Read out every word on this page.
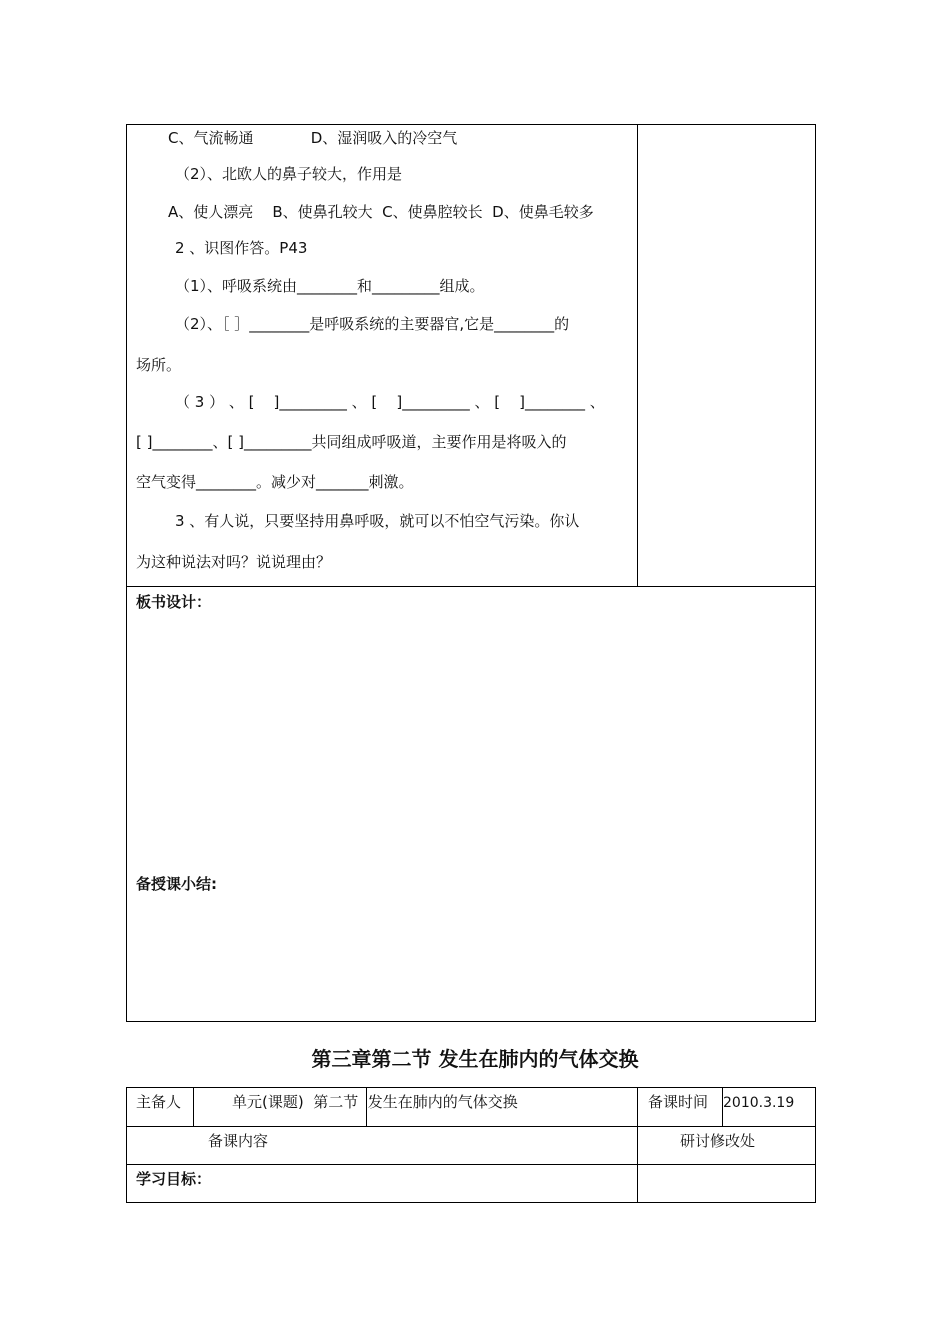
C、气流畅通            D、湿润吸入的冷空气
（2）、北欧人的鼻子较大，作用是
A、使人漂亮    B、使鼻孔较大  C、使鼻腔较长  D、使鼻毛较多
2 、识图作答。P43
（1）、呼吸系统由________和_________组成。
（2）、［ ］________是呼吸系统的主要器官,它是________的
场所。
（ 3 ） 、 [    ]_________ 、 [    ]_________ 、 [    ]________ 、
[ ]________、[ ]_________共同组成呼吸道，主要作用是将吸入的
空气变得________。减少对_______刺激。
3 、有人说，只要坚持用鼻呼吸，就可以不怕空气污染。你认
为这种说法对吗？说说理由？
板书设计：
备授课小结:
第三章第二节 发生在肺内的气体交换
主备人	单元(课题)  第二节  发生在肺内的气体交换	备课时间 2010.3.19
备课内容	研讨修改处
学习目标：
